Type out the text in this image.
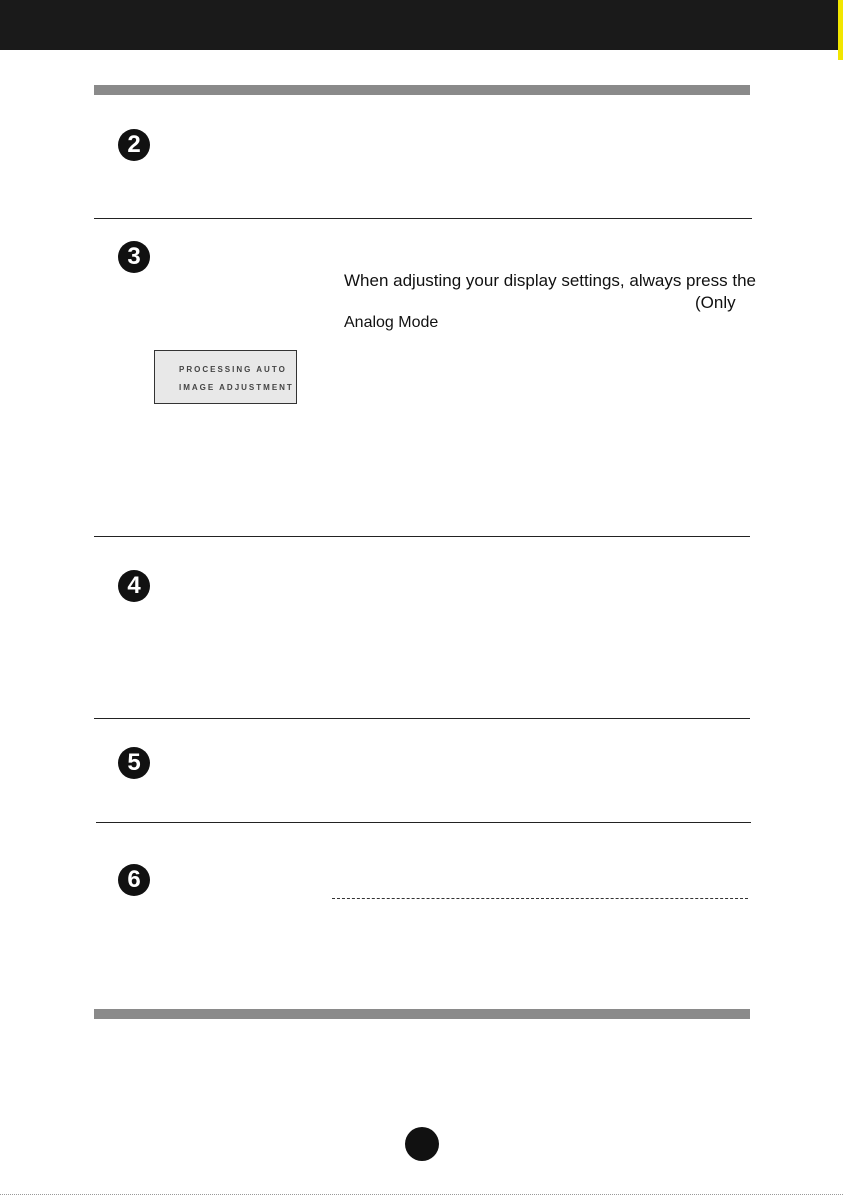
2
3
When adjusting your display settings, always press the
(Only
Analog Mode
PROCESSING AUTO
IMAGE ADJUSTMENT
4
5
6
